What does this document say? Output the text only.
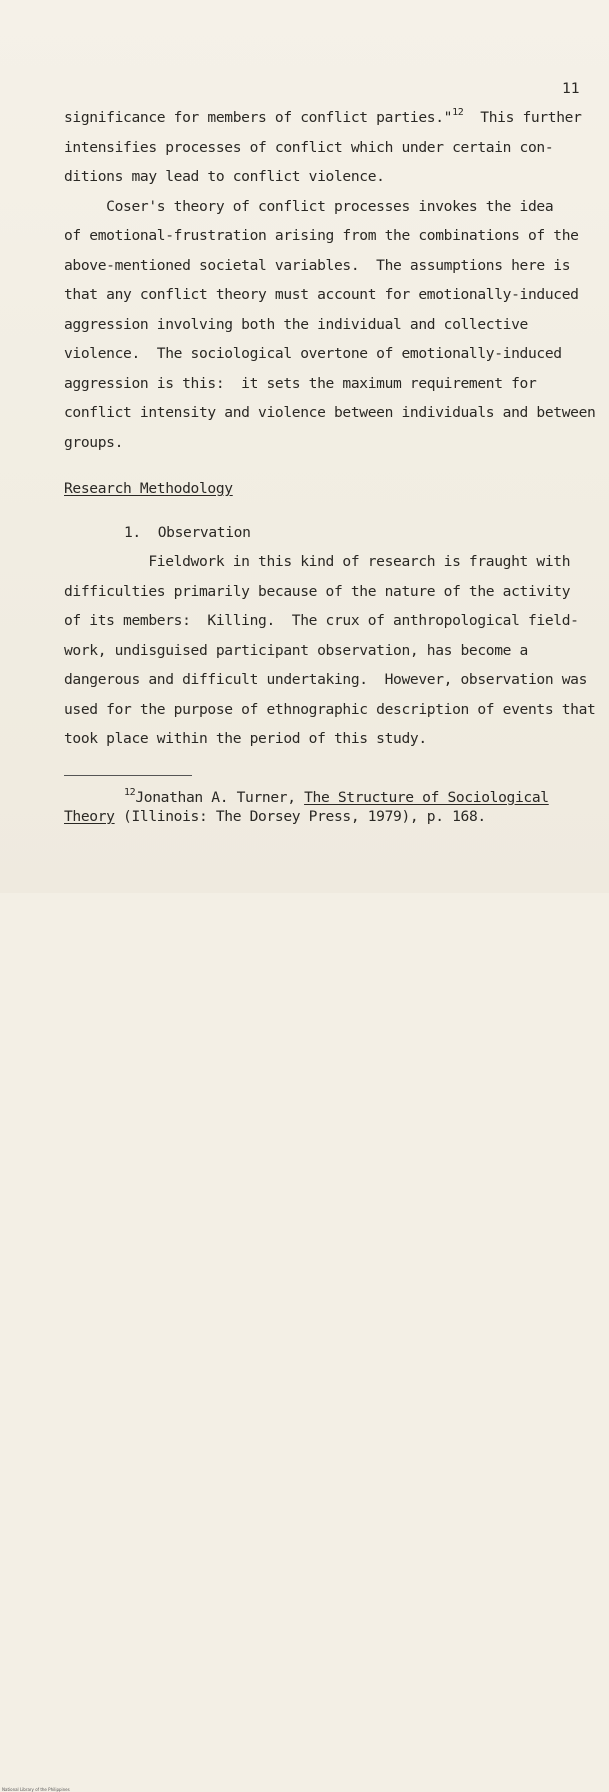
11
significance for members of conflict parties."$^{12}$  This further
intensifies processes of conflict which under certain con-
ditions may lead to conflict violence.
Coser's theory of conflict processes invokes the idea
of emotional-frustration arising from the combinations of the
above-mentioned societal variables.  The assumptions here is
that any conflict theory must account for emotionally-induced
aggression involving both the individual and collective
violence.  The sociological overtone of emotionally-induced
aggression is this:  it sets the maximum requirement for
conflict intensity and violence between individuals and between
groups.
Research Methodology
1.  Observation
Fieldwork in this kind of research is fraught with
difficulties primarily because of the nature of the activity
of its members:  Killing.  The crux of anthropological field-
work, undisguised participant observation, has become a
dangerous and difficult undertaking.  However, observation was
used for the purpose of ethnographic description of events that
took place within the period of this study.
$^{12}$Jonathan A. Turner, The Structure of Sociological
Theory (Illinois: The Dorsey Press, 1979), p. 168.
National Library of the Philippines
